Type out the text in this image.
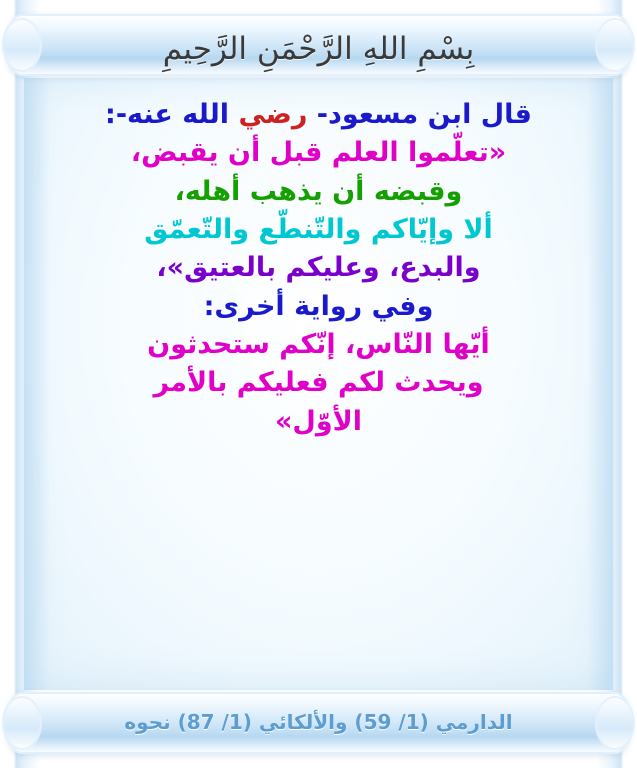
بِسْمِ اللهِ الرَّحْمَنِ الرَّحِيمِ
قال ابن مسعود- رضي الله عنه-:
«تعلّموا العلم قبل أن يقبض،
وقبضه أن يذهب أهله،
ألا وإيّاكم والتّنطّع والتّعمّق
والبدع، وعليكم بالعتيق»،
وفي رواية أخرى:
أيّها النّاس، إنّكم ستحدثون
ويحدث لكم فعليكم بالأمر
الأوّل»
الدارمي (1/ 59) والألكائي (1/ 87) نحوه
